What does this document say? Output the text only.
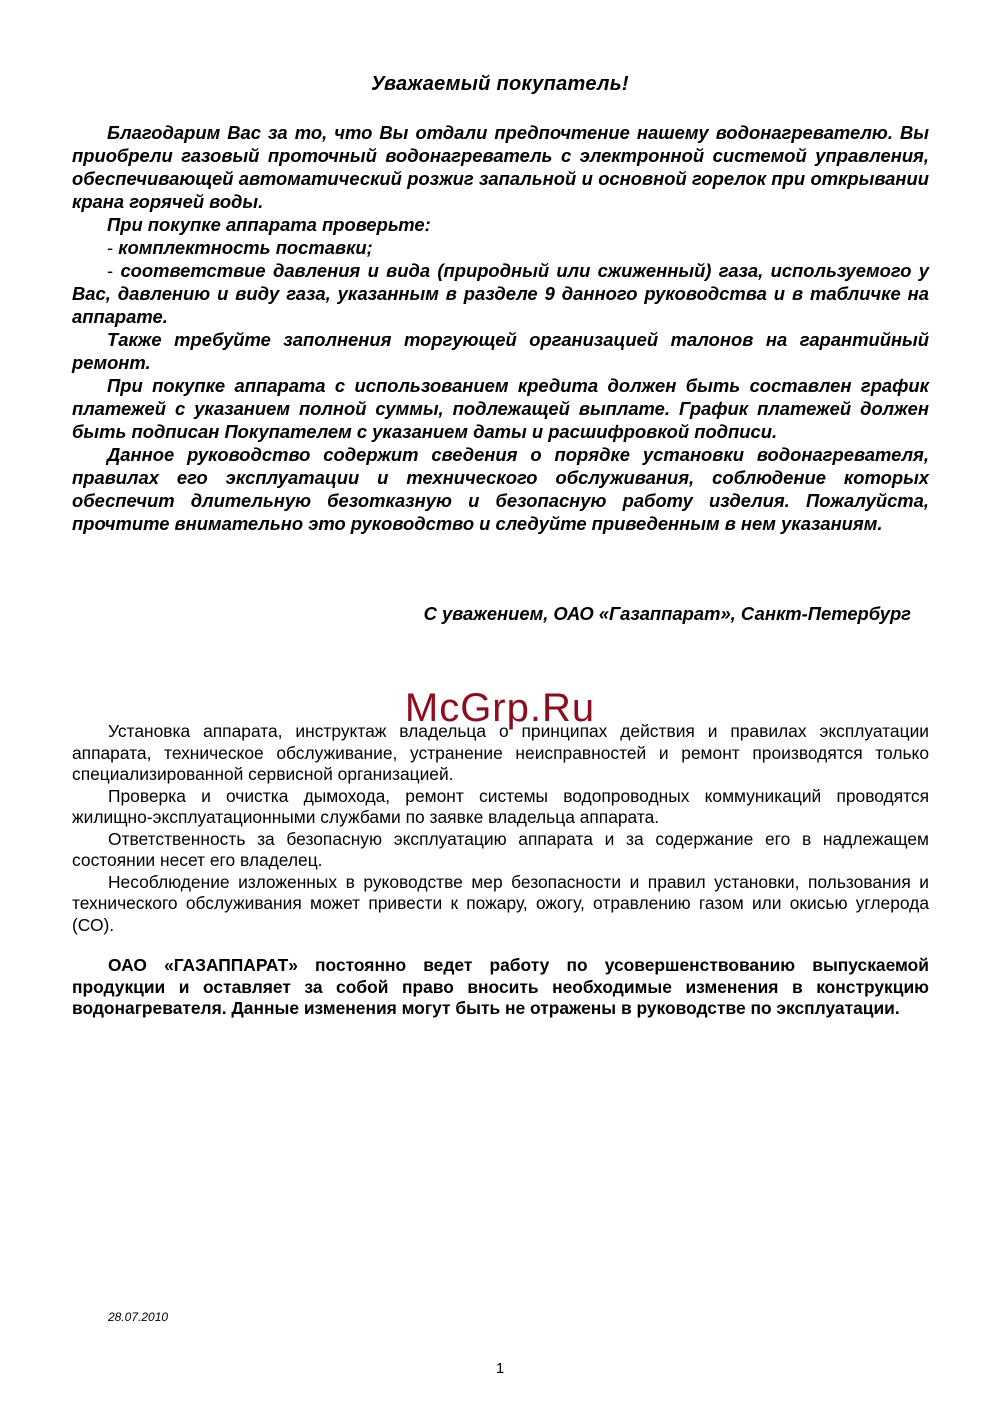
Уважаемый покупатель!

Благодарим Вас за то, что Вы отдали предпочтение нашему водонагревателю. Вы приобрели газовый проточный водонагреватель с электронной системой управления, обеспечивающей автоматический розжиг запальной и основной горелок при открывании крана горячей воды.

При покупке аппарата проверьте:

- комплектность поставки;

- соответствие давления и вида (природный или сжиженный) газа, используемого у Вас, давлению и виду газа, указанным в разделе 9 данного руководства и в табличке на аппарате.

Также требуйте заполнения торгующей организацией талонов на гарантийный ремонт.

При покупке аппарата с использованием кредита должен быть составлен график платежей с указанием полной суммы, подлежащей выплате. График платежей должен быть подписан Покупателем с указанием даты и расшифровкой подписи.

Данное руководство содержит сведения о порядке установки водонагревателя, правилах его эксплуатации и технического обслуживания, соблюдение которых обеспечит длительную безотказную и безопасную работу изделия. Пожалуйста, прочтите внимательно это руководство и следуйте приведенным в нем указаниям.

С уважением, ОАО «Газаппарат», Санкт-Петербург
McGrp.Ru

Установка аппарата, инструктаж владельца о принципах действия и правилах эксплуатации аппарата, техническое обслуживание, устранение неисправностей и ремонт производятся только специализированной сервисной организацией.

Проверка и очистка дымохода, ремонт системы водопроводных коммуникаций проводятся жилищно-эксплуатационными службами по заявке владельца аппарата.

Ответственность за безопасную эксплуатацию аппарата и за содержание его в надлежащем состоянии несет его владелец.

Несоблюдение изложенных в руководстве мер безопасности и правил установки, пользования и технического обслуживания может привести к пожару, ожогу, отравлению газом или окисью углерода (СО).

ОАО «ГАЗАППАРАТ» постоянно ведет работу по усовершенствованию выпускаемой продукции и оставляет за собой право вносить необходимые изменения в конструкцию водонагревателя. Данные изменения могут быть не отражены в руководстве по эксплуатации.

28.07.2010
1
